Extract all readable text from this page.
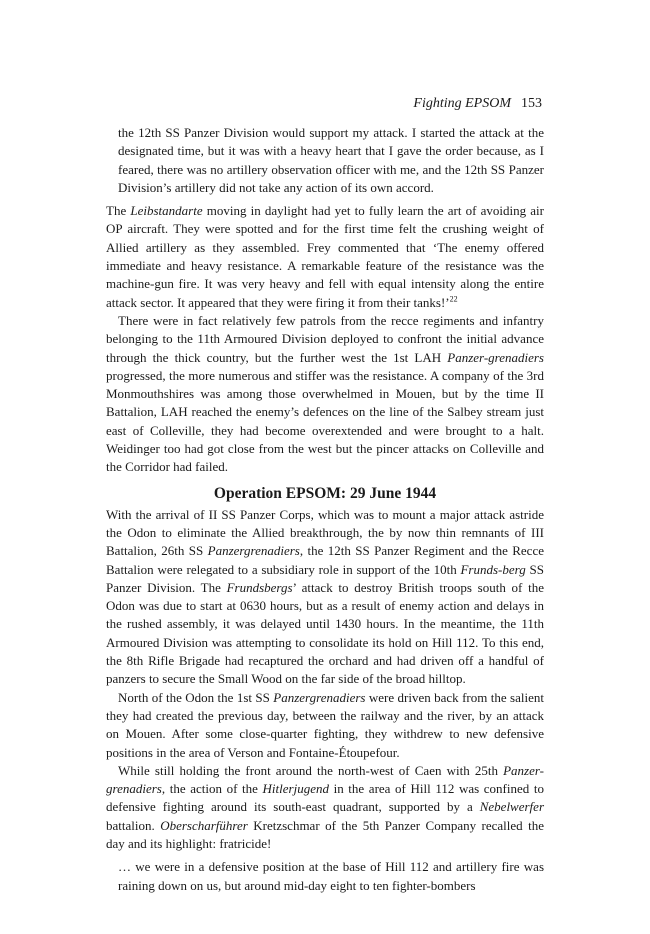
Fighting EPSOM 153

the 12th SS Panzer Division would support my attack. I started the attack at the designated time, but it was with a heavy heart that I gave the order because, as I feared, there was no artillery observation officer with me, and the 12th SS Panzer Division’s artillery did not take any action of its own accord.

The Leibstandarte moving in daylight had yet to fully learn the art of avoiding air OP aircraft. They were spotted and for the first time felt the crushing weight of Allied artillery as they assembled. Frey commented that ‘The enemy offered immediate and heavy resistance. A remarkable feature of the resistance was the machine-gun fire. It was very heavy and fell with equal intensity along the entire attack sector. It appeared that they were firing it from their tanks!’$^{22}$

There were in fact relatively few patrols from the recce regiments and infantry belonging to the 11th Armoured Division deployed to confront the initial advance through the thick country, but the further west the 1st LAH Panzer-grenadiers progressed, the more numerous and stiffer was the resistance. A company of the 3rd Monmouthshires was among those overwhelmed in Mouen, but by the time II Battalion, LAH reached the enemy’s defences on the line of the Salbey stream just east of Colleville, they had become overextended and were brought to a halt. Weidinger too had got close from the west but the pincer attacks on Colleville and the Corridor had failed.

Operation EPSOM: 29 June 1944

With the arrival of II SS Panzer Corps, which was to mount a major attack astride the Odon to eliminate the Allied breakthrough, the by now thin remnants of III Battalion, 26th SS Panzergrenadiers, the 12th SS Panzer Regiment and the Recce Battalion were relegated to a subsidiary role in support of the 10th Frunds-berg SS Panzer Division. The Frundsbergs’ attack to destroy British troops south of the Odon was due to start at 0630 hours, but as a result of enemy action and delays in the rushed assembly, it was delayed until 1430 hours. In the meantime, the 11th Armoured Division was attempting to consolidate its hold on Hill 112. To this end, the 8th Rifle Brigade had recaptured the orchard and had driven off a handful of panzers to secure the Small Wood on the far side of the broad hilltop.

North of the Odon the 1st SS Panzergrenadiers were driven back from the salient they had created the previous day, between the railway and the river, by an attack on Mouen. After some close-quarter fighting, they withdrew to new defensive positions in the area of Verson and Fontaine-Étoupefour.

While still holding the front around the north-west of Caen with 25th Panzer-grenadiers, the action of the Hitlerjugend in the area of Hill 112 was confined to defensive fighting around its south-east quadrant, supported by a Nebelwerfer battalion. Oberscharführer Kretzschmar of the 5th Panzer Company recalled the day and its highlight: fratricide!

… we were in a defensive position at the base of Hill 112 and artillery fire was raining down on us, but around mid-day eight to ten fighter-bombers
